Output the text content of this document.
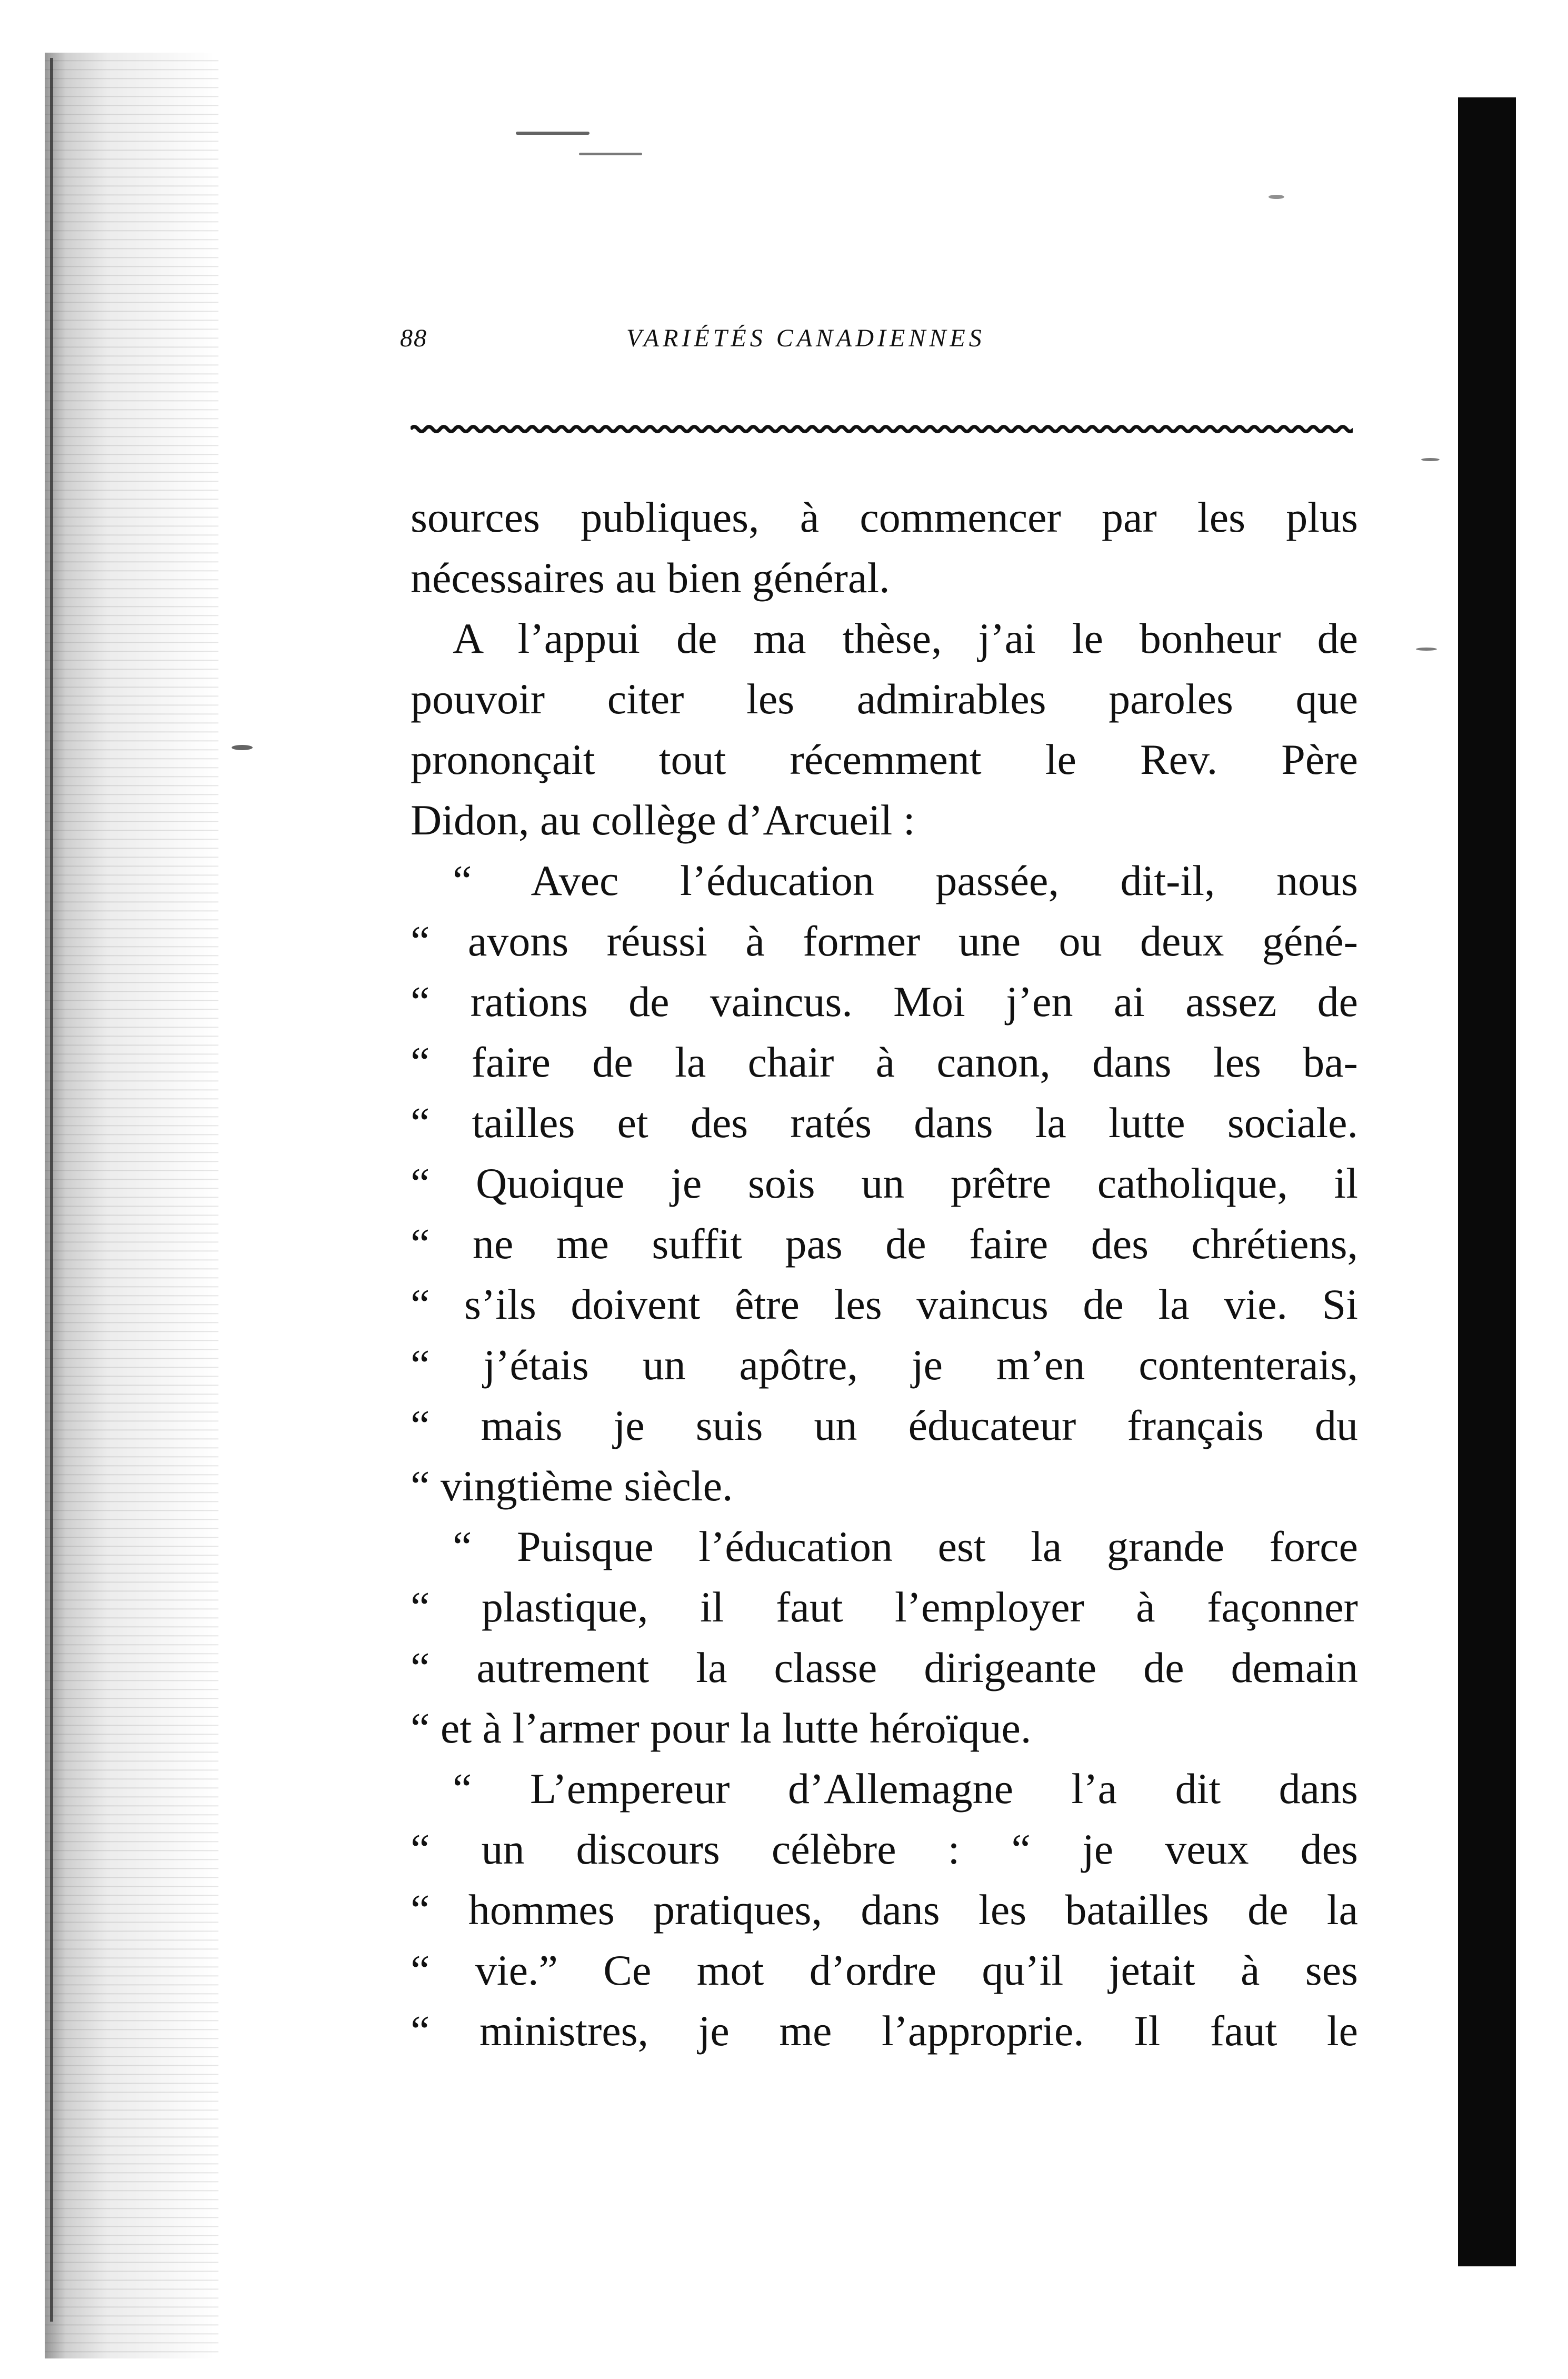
88	VARIÉTÉS CANADIENNES
sources publiques, à commencer par les plus
nécessaires au bien général.
A l’appui de ma thèse, j’ai le bonheur de
pouvoir citer les admirables paroles que
prononçait tout récemment le Rev. Père
Didon, au collège d’Arcueil :
“ Avec l’éducation passée, dit-il, nous
“ avons réussi à former une ou deux géné-
“ rations de vaincus. Moi j’en ai assez de
“ faire de la chair à canon, dans les ba-
“ tailles et des ratés dans la lutte sociale.
“ Quoique je sois un prêtre catholique, il
“ ne me suffit pas de faire des chrétiens,
“ s’ils doivent être les vaincus de la vie. Si
“ j’étais un apôtre, je m’en contenterais,
“ mais je suis un éducateur français du
“ vingtième siècle.
“ Puisque l’éducation est la grande force
“ plastique, il faut l’employer à façonner
“ autrement la classe dirigeante de demain
“ et à l’armer pour la lutte héroïque.
“ L’empereur d’Allemagne l’a dit dans
“ un discours célèbre : “ je veux des
“ hommes pratiques, dans les batailles de la
“ vie.” Ce mot d’ordre qu’il jetait à ses
“ ministres, je me l’approprie. Il faut le
